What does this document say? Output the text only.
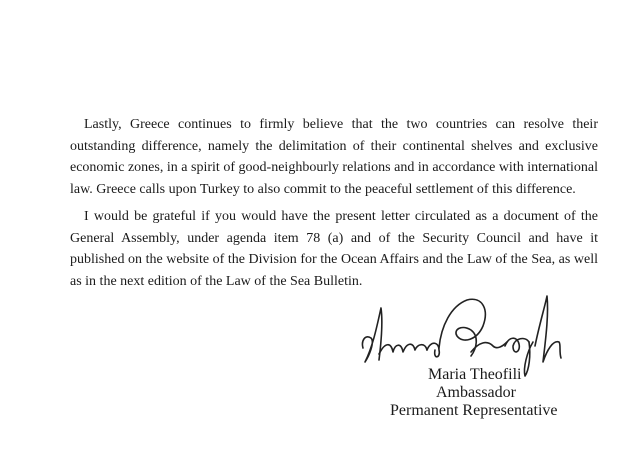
Lastly, Greece continues to firmly believe that the two countries can resolve their outstanding difference, namely the delimitation of their continental shelves and exclusive economic zones, in a spirit of good-neighbourly relations and in accordance with international law. Greece calls upon Turkey to also commit to the peaceful settlement of this difference.

I would be grateful if you would have the present letter circulated as a document of the General Assembly, under agenda item 78 (a) and of the Security Council and have it published on the website of the Division for the Ocean Affairs and the Law of the Sea, as well as in the next edition of the Law of the Sea Bulletin.

Maria Theofili
Ambassador
Permanent Representative
